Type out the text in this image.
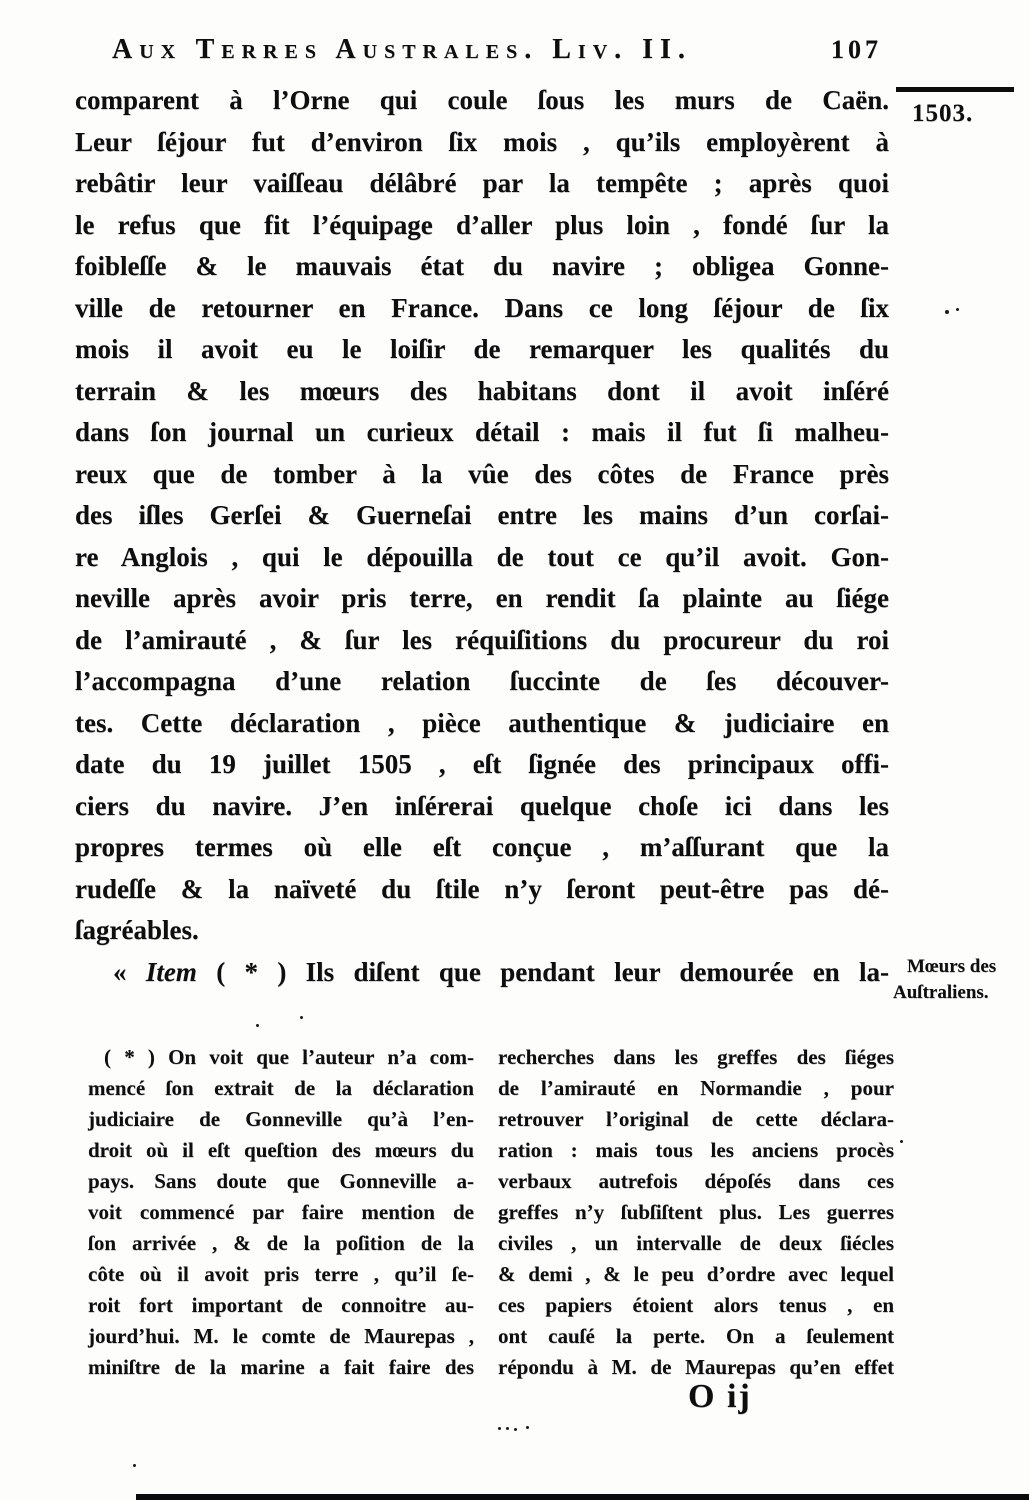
Aux Terres Australes. Liv. II.	107
1503.
comparent à l’Orne qui coule ſous les murs de Caën.
Leur ſéjour fut d’environ ſix mois , qu’ils employèrent à
rebâtir leur vaiſſeau délâbré par la tempête ; après quoi
le refus que fit l’équipage d’aller plus loin , fondé ſur la
foibleſſe & le mauvais état du navire ; obligea Gonne-
ville de retourner en France. Dans ce long ſéjour de ſix
mois il avoit eu le loiſir de remarquer les qualités du
terrain & les mœurs des habitans dont il avoit inſéré
dans ſon journal un curieux détail : mais il fut ſi malheu-
reux que de tomber à la vûe des côtes de France près
des iſles Gerſei & Guerneſai entre les mains d’un corſai-
re Anglois , qui le dépouilla de tout ce qu’il avoit. Gon-
neville après avoir pris terre, en rendit ſa plainte au ſiége
de l’amirauté , & ſur les réquiſitions du procureur du roi
l’accompagna d’une relation ſuccinte de ſes découver-
tes. Cette déclaration , pièce authentique & judiciaire en
date du 19 juillet 1505 , eſt ſignée des principaux offi-
ciers du navire. J’en inſérerai quelque choſe ici dans les
propres termes où elle eſt conçue , m’aſſurant que la
rudeſſe & la naïveté du ſtile n’y ſeront peut-être pas dé-
ſagréables.
« Item ( * ) Ils diſent que pendant leur demourée en la- Mœurs des
Auſtraliens.
( * ) On voit que l’auteur n’a com-
mencé ſon extrait de la déclaration
judiciaire de Gonneville qu’à l’en-
droit où il eſt queſtion des mœurs du
pays. Sans doute que Gonneville a-
voit commencé par faire mention de
ſon arrivée , & de la poſition de la
côte où il avoit pris terre , qu’il ſe-
roit fort important de connoitre au-
jourd’hui. M. le comte de Maurepas ,
miniſtre de la marine a fait faire des
recherches dans les greffes des ſiéges
de l’amirauté en Normandie , pour
retrouver l’original de cette déclara-
ration : mais tous les anciens procès
verbaux autrefois dépoſés dans ces
greffes n’y ſubſiſtent plus. Les guerres
civiles , un intervalle de deux ſiécles
& demi , & le peu d’ordre avec lequel
ces papiers étoient alors tenus , en
ont cauſé la perte. On a ſeulement
répondu à M. de Maurepas qu’en effet
O ij
